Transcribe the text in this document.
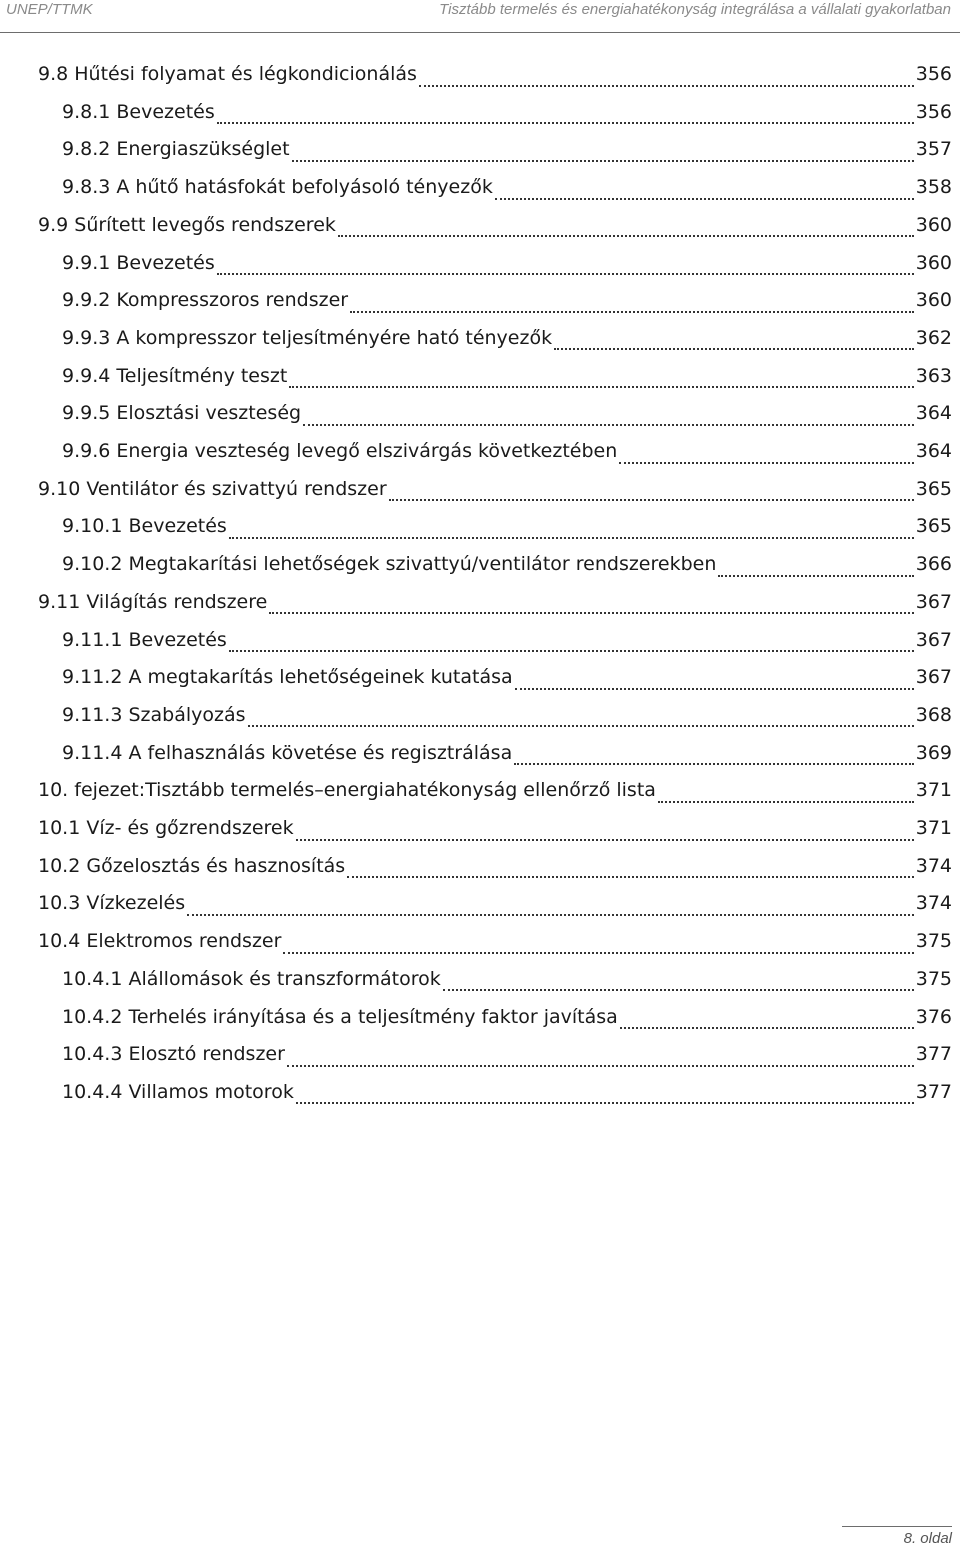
UNEP/TTMK	Tisztább termelés és energiahatékonyság integrálása a vállalati gyakorlatban
9.8 Hűtési folyamat és légkondicionálás	356
9.8.1 Bevezetés	356
9.8.2 Energiaszükséglet	357
9.8.3 A hűtő hatásfokát befolyásoló tényezők	358
9.9 Sűrített levegős rendszerek	360
9.9.1 Bevezetés	360
9.9.2 Kompresszoros rendszer	360
9.9.3 A kompresszor teljesítményére ható tényezők	362
9.9.4 Teljesítmény teszt	363
9.9.5 Elosztási veszteség	364
9.9.6 Energia veszteség levegő elszivárgás következtében	364
9.10 Ventilátor és szivattyú rendszer	365
9.10.1 Bevezetés	365
9.10.2 Megtakarítási lehetőségek szivattyú/ventilátor rendszerekben	366
9.11 Világítás rendszere	367
9.11.1 Bevezetés	367
9.11.2 A megtakarítás lehetőségeinek kutatása	367
9.11.3 Szabályozás	368
9.11.4 A felhasználás követése és regisztrálása	369
10. fejezet:Tisztább termelés–energiahatékonyság ellenőrző lista	371
10.1 Víz- és gőzrendszerek	371
10.2 Gőzelosztás és hasznosítás	374
10.3 Vízkezelés	374
10.4 Elektromos rendszer	375
10.4.1 Alállomások és transzformátorok	375
10.4.2 Terhelés irányítása és a teljesítmény faktor javítása	376
10.4.3 Elosztó rendszer	377
10.4.4 Villamos motorok	377
8. oldal
